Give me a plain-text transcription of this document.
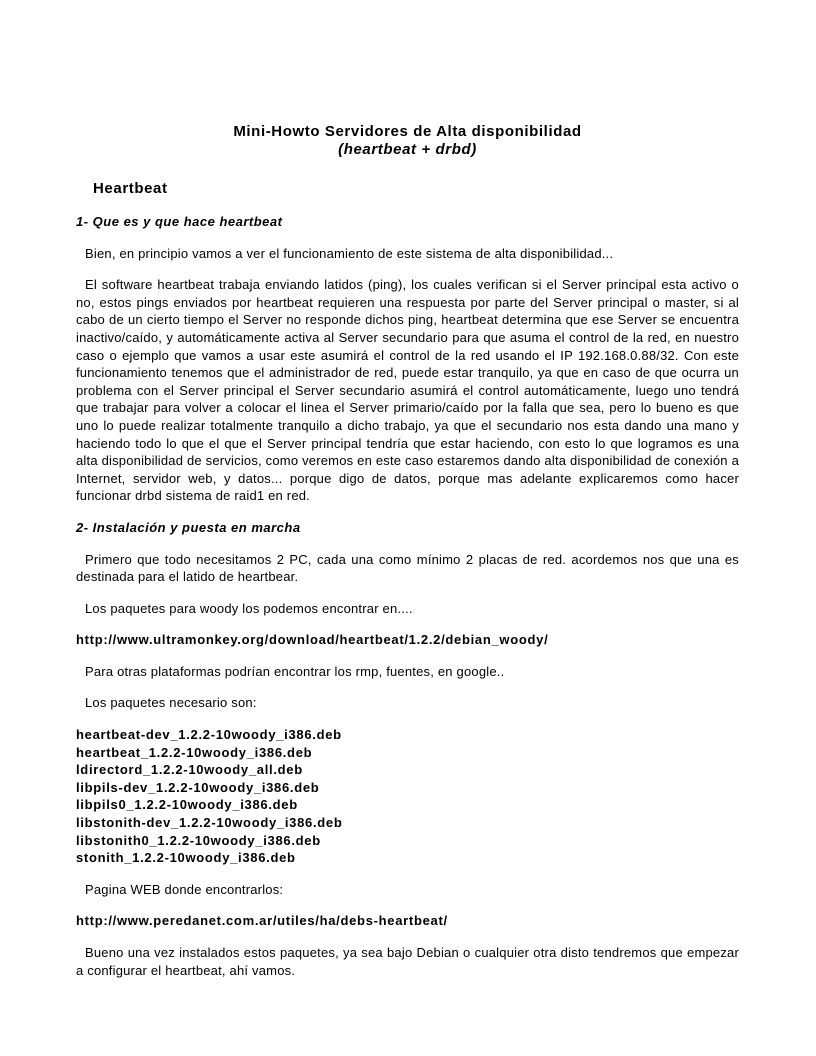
Mini-Howto Servidores de Alta disponibilidad

(heartbeat + drbd)

Heartbeat

1- Que es y que hace heartbeat

Bien, en principio vamos a ver el funcionamiento de este sistema de alta disponibilidad...

El software heartbeat trabaja enviando latidos (ping), los cuales verifican si el Server principal esta activo o no, estos pings enviados por heartbeat requieren una respuesta por parte del Server principal o master, si al cabo de un cierto tiempo el Server no responde dichos ping, heartbeat determina que ese Server se encuentra inactivo/caído, y automáticamente activa al Server secundario para que asuma el control de la red, en nuestro caso o ejemplo que vamos a usar este asumirá el control de la red usando el IP 192.168.0.88/32. Con este funcionamiento tenemos que el administrador de red, puede estar tranquilo, ya que en caso de que ocurra un problema con el Server principal el Server secundario asumirá el control automáticamente, luego uno tendrá que trabajar para volver a colocar el linea el Server primario/caído por la falla que sea, pero lo bueno es que uno lo puede realizar totalmente tranquilo a dicho trabajo, ya que el secundario nos esta dando una mano y haciendo todo lo que el que el Server principal tendría que estar haciendo, con esto lo que logramos es una alta disponibilidad de servicios, como veremos en este caso estaremos dando alta disponibilidad de conexión a Internet, servidor web, y datos... porque digo de datos, porque mas adelante explicaremos como hacer funcionar drbd sistema de raid1 en red.

2- Instalación y puesta en marcha

Primero que todo necesitamos 2 PC, cada una como mínimo 2 placas de red. acordemos nos que una es destinada para el latido de heartbear.

Los paquetes para woody los podemos encontrar en....

http://www.ultramonkey.org/download/heartbeat/1.2.2/debian_woody/

Para otras plataformas podrían encontrar los rmp, fuentes, en google..

Los paquetes necesario son:

heartbeat-dev_1.2.2-10woody_i386.deb
heartbeat_1.2.2-10woody_i386.deb
ldirectord_1.2.2-10woody_all.deb
libpils-dev_1.2.2-10woody_i386.deb
libpils0_1.2.2-10woody_i386.deb
libstonith-dev_1.2.2-10woody_i386.deb
libstonith0_1.2.2-10woody_i386.deb
stonith_1.2.2-10woody_i386.deb

Pagina WEB donde encontrarlos:

http://www.peredanet.com.ar/utiles/ha/debs-heartbeat/

Bueno una vez instalados estos paquetes, ya sea bajo Debian o cualquier otra disto tendremos que empezar a configurar el heartbeat, ahí vamos.
